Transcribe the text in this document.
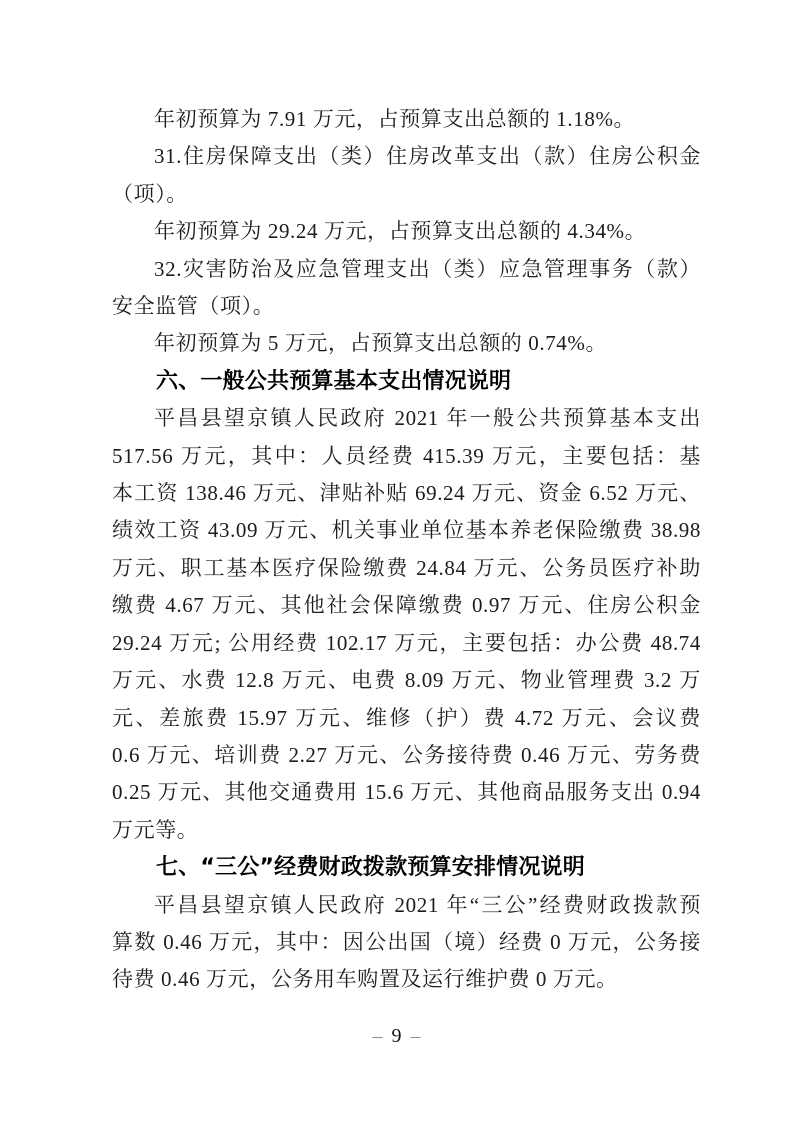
年初预算为 7.91 万元，占预算支出总额的 1.18%。
31.住房保障支出（类）住房改革支出（款）住房公积金
（项）。
年初预算为 29.24 万元，占预算支出总额的 4.34%。
32.灾害防治及应急管理支出（类）应急管理事务（款）
安全监管（项）。
年初预算为 5 万元，占预算支出总额的 0.74%。
六、一般公共预算基本支出情况说明
平昌县望京镇人民政府 2021 年一般公共预算基本支出
517.56 万元，其中：人员经费 415.39 万元，主要包括：基
本工资 138.46 万元、津贴补贴 69.24 万元、资金 6.52 万元、
绩效工资 43.09 万元、机关事业单位基本养老保险缴费 38.98
万元、职工基本医疗保险缴费 24.84 万元、公务员医疗补助
缴费 4.67 万元、其他社会保障缴费 0.97 万元、住房公积金
29.24 万元; 公用经费 102.17 万元，主要包括：办公费 48.74
万元、水费 12.8 万元、电费 8.09 万元、物业管理费 3.2 万
元、差旅费 15.97 万元、维修（护）费 4.72 万元、会议费
0.6 万元、培训费 2.27 万元、公务接待费 0.46 万元、劳务费
0.25 万元、其他交通费用 15.6 万元、其他商品服务支出 0.94
万元等。
七、“三公”经费财政拨款预算安排情况说明
平昌县望京镇人民政府 2021 年“三公”经费财政拨款预
算数 0.46 万元，其中：因公出国（境）经费 0 万元，公务接
待费 0.46 万元，公务用车购置及运行维护费 0 万元。
– 9 –
